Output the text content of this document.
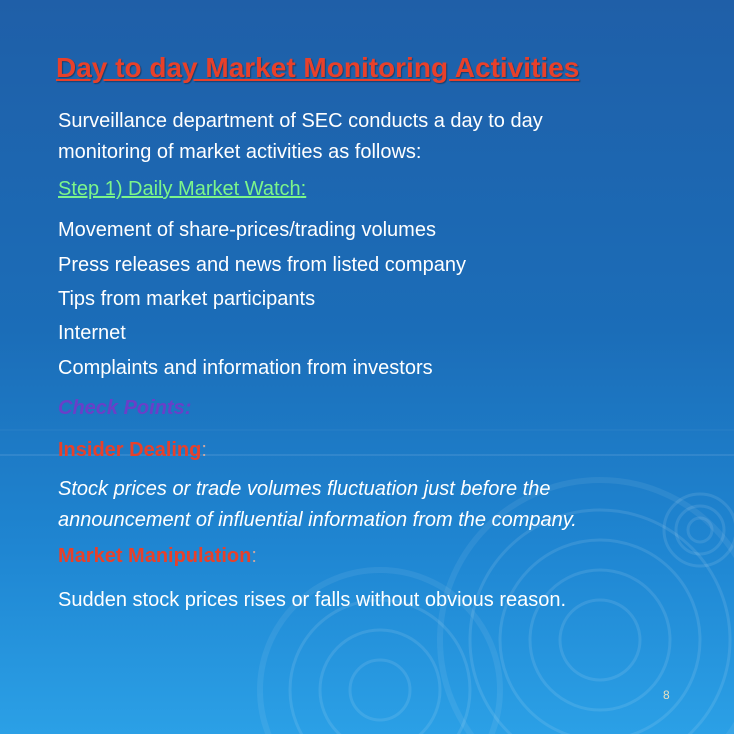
Day to day Market Monitoring Activities

Surveillance department of SEC conducts a day to day

monitoring of market activities as follows:

Step 1) Daily Market Watch:

Movement of share-prices/trading volumes

Press releases and news from listed company

Tips from market participants

Internet

Complaints and information from investors

Check Points:

Insider Dealing:

Stock prices or trade volumes fluctuation just before the

announcement of influential information from the company.

Market Manipulation:

Sudden stock prices rises or falls without obvious reason.

8
